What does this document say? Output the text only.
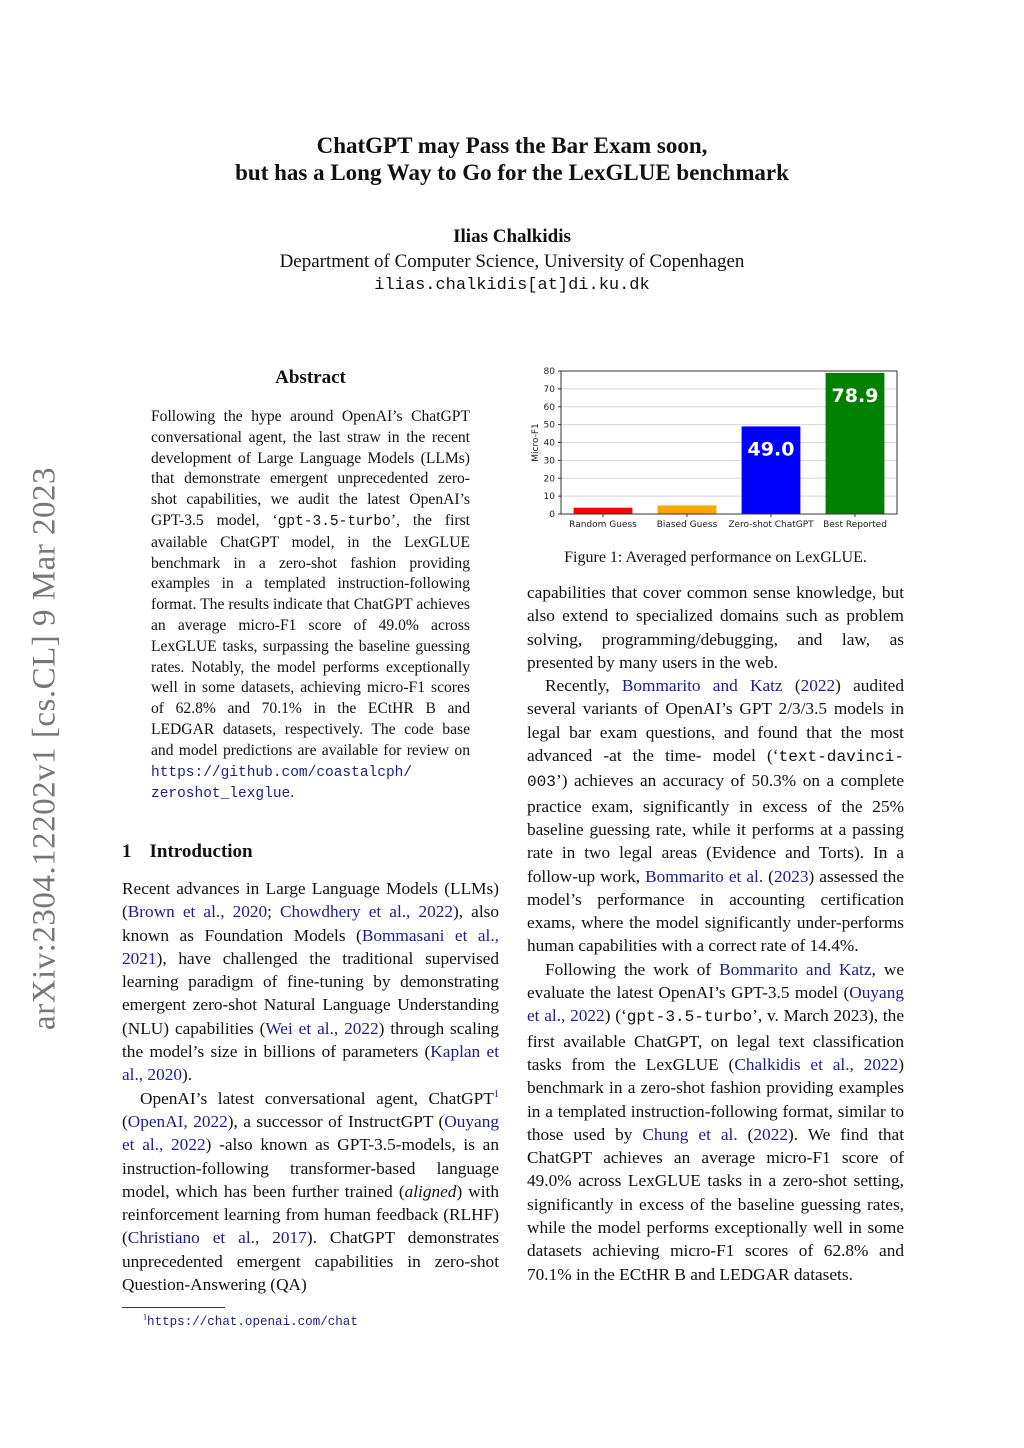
ChatGPT may Pass the Bar Exam soon,
but has a Long Way to Go for the LexGLUE benchmark
Ilias Chalkidis
Department of Computer Science, University of Copenhagen
ilias.chalkidis[at]di.ku.dk
arXiv:2304.12202v1 [cs.CL] 9 Mar 2023
Abstract

Following the hype around OpenAI’s ChatGPT conversational agent, the last straw in the recent development of Large Language Models (LLMs) that demonstrate emergent unprecedented zero-shot capabilities, we audit the latest OpenAI’s GPT-3.5 model, ‘gpt-3.5-turbo’, the first available ChatGPT model, in the LexGLUE benchmark in a zero-shot fashion providing examples in a templated instruction-following format. The results indicate that ChatGPT achieves an average micro-F1 score of 49.0% across LexGLUE tasks, surpassing the baseline guessing rates. Notably, the model performs exceptionally well in some datasets, achieving micro-F1 scores of 62.8% and 70.1% in the ECtHR B and LEDGAR datasets, respectively. The code base and model predictions are available for review on https://github.com/coastalcph/ zeroshot_lexglue.

1 Introduction

Recent advances in Large Language Models (LLMs) (Brown et al., 2020; Chowdhery et al., 2022), also known as Foundation Models (Bommasani et al., 2021), have challenged the traditional supervised learning paradigm of fine-tuning by demonstrating emergent zero-shot Natural Language Understanding (NLU) capabilities (Wei et al., 2022) through scaling the model’s size in billions of parameters (Kaplan et al., 2020).

OpenAI’s latest conversational agent, ChatGPT$^1$ (OpenAI, 2022), a successor of InstructGPT (Ouyang et al., 2022) -also known as GPT-3.5-models, is an instruction-following transformer-based language model, which has been further trained (aligned) with reinforcement learning from human feedback (RLHF) (Christiano et al., 2017). ChatGPT demonstrates unprecedented emergent capabilities in zero-shot Question-Answering (QA)

$^1$https://chat.openai.com/chat
0
10
20
30
40
50
60
70
80
Random Guess Biased Guess Zero-shot ChatGPT
49.0
Best Reported
78.9
Micro-F1
Figure 1: Averaged performance on LexGLUE.

capabilities that cover common sense knowledge, but also extend to specialized domains such as problem solving, programming/debugging, and law, as presented by many users in the web.

Recently, Bommarito and Katz (2022) audited several variants of OpenAI’s GPT 2/3/3.5 models in legal bar exam questions, and found that the most advanced -at the time- model (‘text-davinci-003’) achieves an accuracy of 50.3% on a complete practice exam, significantly in excess of the 25% baseline guessing rate, while it performs at a passing rate in two legal areas (Evidence and Torts). In a follow-up work, Bommarito et al. (2023) assessed the model’s performance in accounting certification exams, where the model significantly under-performs human capabilities with a correct rate of 14.4%.

Following the work of Bommarito and Katz, we evaluate the latest OpenAI’s GPT-3.5 model (Ouyang et al., 2022) (‘gpt-3.5-turbo’, v. March 2023), the first available ChatGPT, on legal text classification tasks from the LexGLUE (Chalkidis et al., 2022) benchmark in a zero-shot fashion providing examples in a templated instruction-following format, similar to those used by Chung et al. (2022). We find that ChatGPT achieves an average micro-F1 score of 49.0% across LexGLUE tasks in a zero-shot setting, significantly in excess of the baseline guessing rates, while the model performs exceptionally well in some datasets achieving micro-F1 scores of 62.8% and 70.1% in the ECtHR B and LEDGAR datasets.
